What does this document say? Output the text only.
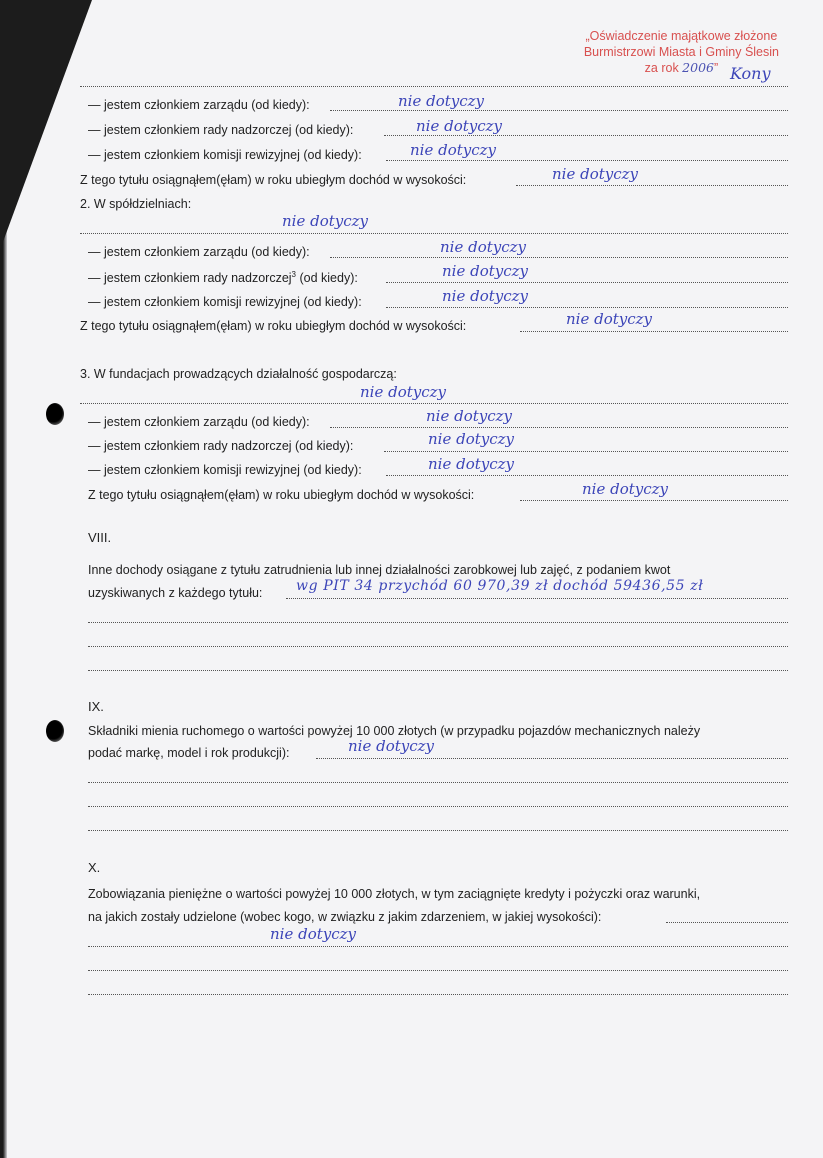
„Oświadczenie majątkowe złożone
Burmistrzowi Miasta i Gminy Ślesin
za rok 2006” Kony
— jestem członkiem zarządu (od kiedy):	nie dotyczy
— jestem członkiem rady nadzorczej (od kiedy):	nie dotyczy
— jestem członkiem komisji rewizyjnej (od kiedy):	nie dotyczy
Z tego tytułu osiągnąłem(ęłam) w roku ubiegłym dochód w wysokości:	nie dotyczy
2. W spółdzielniach:
nie dotyczy
— jestem członkiem zarządu (od kiedy):	nie dotyczy
— jestem członkiem rady nadzorczej$^3$ (od kiedy):	nie dotyczy
— jestem członkiem komisji rewizyjnej (od kiedy):	nie dotyczy
Z tego tytułu osiągnąłem(ęłam) w roku ubiegłym dochód w wysokości:	nie dotyczy
3. W fundacjach prowadzących działalność gospodarczą:
nie dotyczy
— jestem członkiem zarządu (od kiedy):	nie dotyczy
— jestem członkiem rady nadzorczej (od kiedy):	nie dotyczy
— jestem członkiem komisji rewizyjnej (od kiedy):	nie dotyczy
Z tego tytułu osiągnąłem(ęłam) w roku ubiegłym dochód w wysokości:	nie dotyczy
VIII.
Inne dochody osiągane z tytułu zatrudnienia lub innej działalności zarobkowej lub zajęć, z podaniem kwot
uzyskiwanych z każdego tytułu: wg PIT 34 przychód 60 970,39 zł dochód 59436,55 zł
IX.
Składniki mienia ruchomego o wartości powyżej 10 000 złotych (w przypadku pojazdów mechanicznych należy
podać markę, model i rok produkcji):	nie dotyczy
X.
Zobowiązania pieniężne o wartości powyżej 10 000 złotych, w tym zaciągnięte kredyty i pożyczki oraz warunki,
na jakich zostały udzielone (wobec kogo, w związku z jakim zdarzeniem, w jakiej wysokości):
nie dotyczy
